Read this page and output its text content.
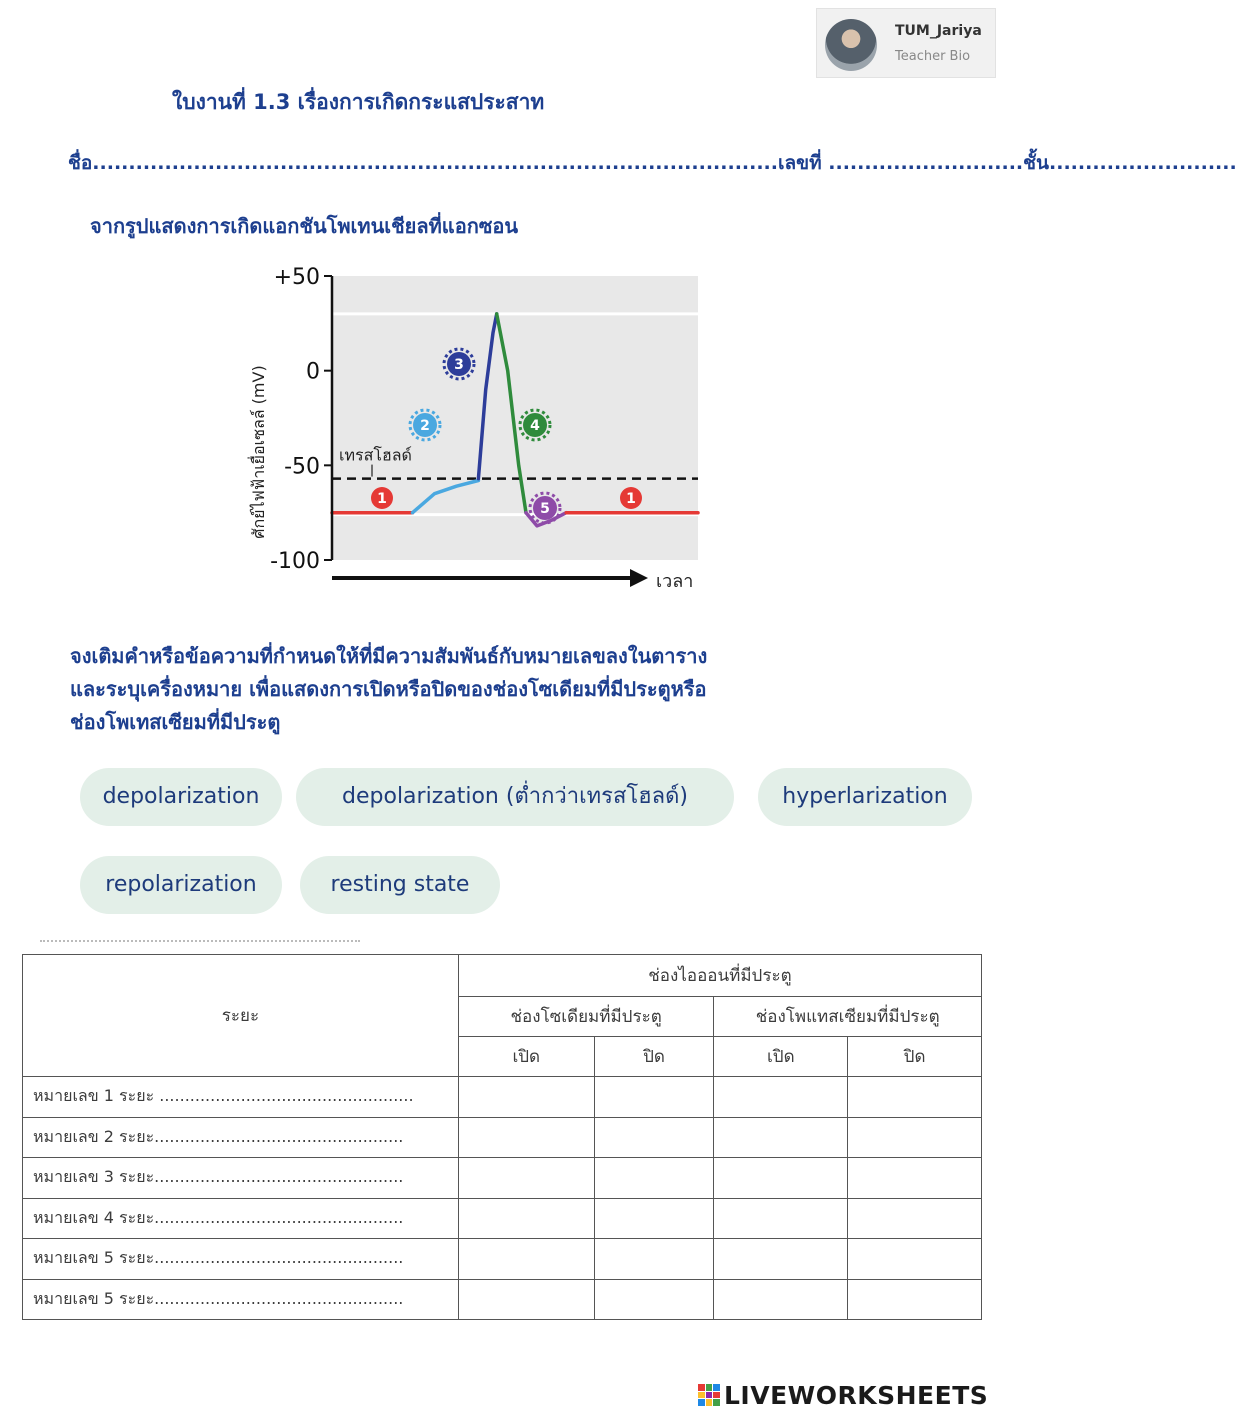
TUM_Jariya
Teacher Bio
ใบงานที่ 1.3 เรื่องการเกิดกระแสประสาท
ชื่อ...............................................................................................เลขที่ ...........................ชั้น..........................
จากรูปแสดงการเกิดแอกชันโพเทนเชียลที่แอกซอน
+50
0
-50
-100
เทรสโฮลด์
1
2
3
4
5
1
เวลา
ศักย์ไฟฟ้าเยื่อเซลล์ (mV)
จงเติมคำหรือข้อความที่กำหนดให้ที่มีความสัมพันธ์กับหมายเลขลงในตาราง
และระบุเครื่องหมาย เพื่อแสดงการเปิดหรือปิดของช่องโซเดียมที่มีประตูหรือ
ช่องโพเทสเซียมที่มีประตู
depolarization	depolarization (ต่ำกว่าเทรสโฮลด์)	hyperlarization
repolarization	resting state
ระยะ	ช่องไอออนที่มีประตู			
	ช่องโซเดียมที่มีประตู		ช่องโพแทสเซียมที่มีประตู	
	เปิด	ปิด	เปิด	ปิด
หมายเลข 1 ระยะ ..................................................				
หมายเลข 2 ระยะ.................................................				
หมายเลข 3 ระยะ.................................................				
หมายเลข 4 ระยะ.................................................				
หมายเลข 5 ระยะ.................................................				
หมายเลข 5 ระยะ.................................................				
LIVEWORKSHEETS
